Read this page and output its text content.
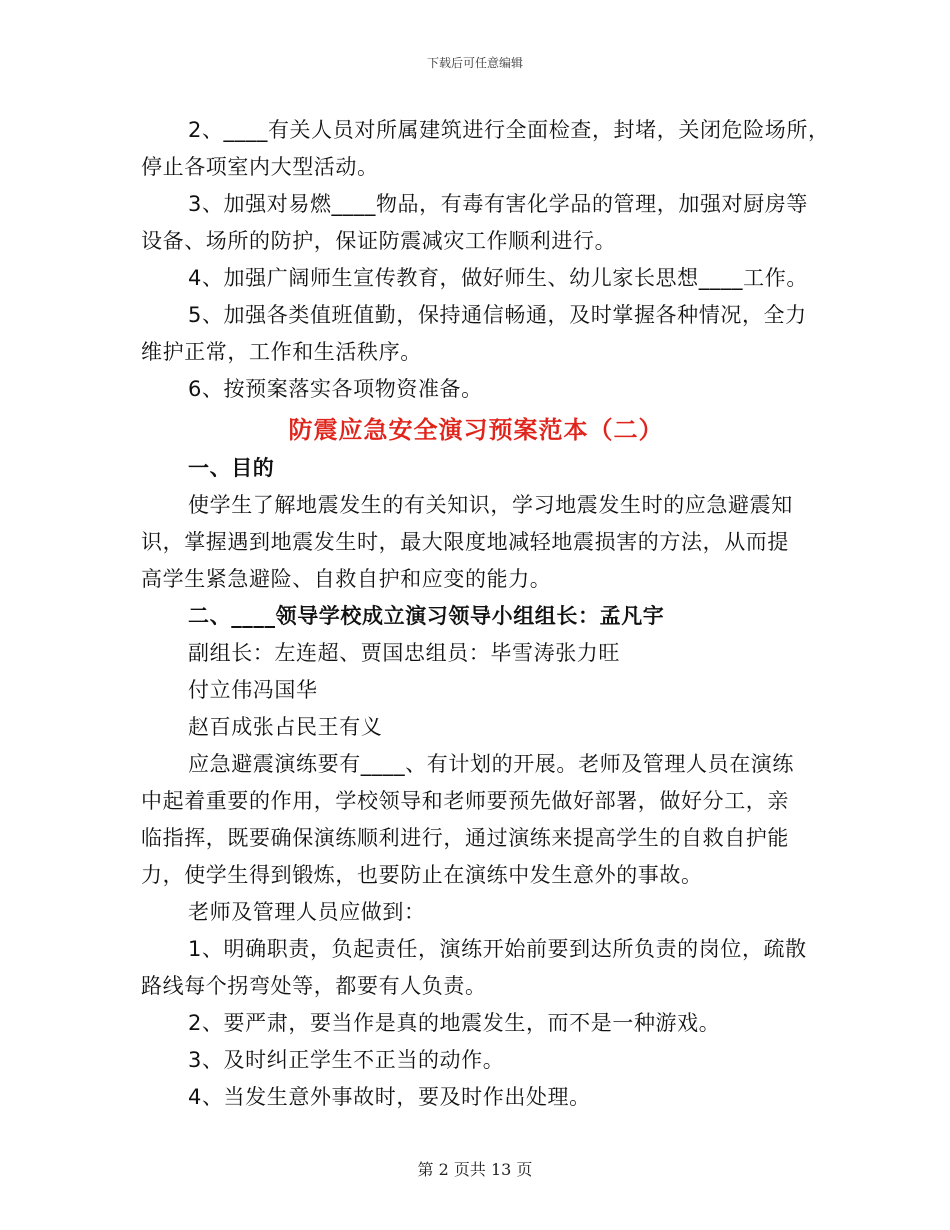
下载后可任意编辑
2、____有关人员对所属建筑进行全面检查，封堵，关闭危险场所，
停止各项室内大型活动。
3、加强对易燃____物品，有毒有害化学品的管理，加强对厨房等
设备、场所的防护，保证防震减灾工作顺利进行。
4、加强广阔师生宣传教育，做好师生、幼儿家长思想____工作。
5、加强各类值班值勤，保持通信畅通，及时掌握各种情况，全力
维护正常，工作和生活秩序。
6、按预案落实各项物资准备。
防震应急安全演习预案范本（二）
一、目的
使学生了解地震发生的有关知识，学习地震发生时的应急避震知
识，掌握遇到地震发生时，最大限度地减轻地震损害的方法，从而提
高学生紧急避险、自救自护和应变的能力。
二、____领导学校成立演习领导小组组长：孟凡宇
副组长：左连超、贾国忠组员：毕雪涛张力旺
付立伟冯国华
赵百成张占民王有义
应急避震演练要有____、有计划的开展。老师及管理人员在演练
中起着重要的作用，学校领导和老师要预先做好部署，做好分工，亲
临指挥，既要确保演练顺利进行，通过演练来提高学生的自救自护能
力，使学生得到锻炼，也要防止在演练中发生意外的事故。
老师及管理人员应做到：
1、明确职责，负起责任，演练开始前要到达所负责的岗位，疏散
路线每个拐弯处等，都要有人负责。
2、要严肃，要当作是真的地震发生，而不是一种游戏。
3、及时纠正学生不正当的动作。
4、当发生意外事故时，要及时作出处理。
第 2 页共 13 页
